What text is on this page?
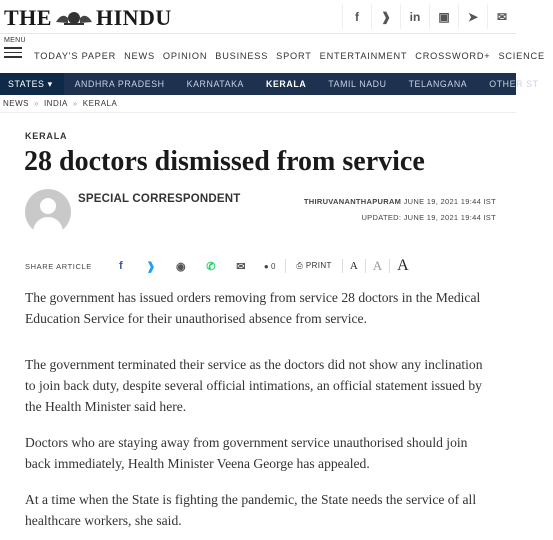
THE HINDU	f	❱	in	▣	➤	✉
MENU
TODAY'S PAPER NEWS OPINION BUSINESS SPORT ENTERTAINMENT CROSSWORD+ SCIENCE
STATES ▾	ANDHRA PRADESH	KARNATAKA	KERALA	TAMIL NADU	TELANGANA	OTHER ST
NEWS » INDIA » KERALA
KERALA
28 doctors dismissed from service
SPECIAL CORRESPONDENT	THIRUVANANTHAPURAM JUNE 19, 2021 19:44 IST
UPDATED: JUNE 19, 2021 19:44 IST
SHARE ARTICLE	f	❱	◉	✆	✉	● 0	⎙ PRINT A A A

The government has issued orders removing from service 28 doctors in the Medical Education Service for their unauthorised absence from service.

The government terminated their service as the doctors did not show any inclination to join back duty, despite several official intimations, an official statement issued by the Health Minister said here.

Doctors who are staying away from government service unauthorised should join back immediately, Health Minister Veena George has appealed.

At a time when the State is fighting the pandemic, the State needs the service of all healthcare workers, she said.
